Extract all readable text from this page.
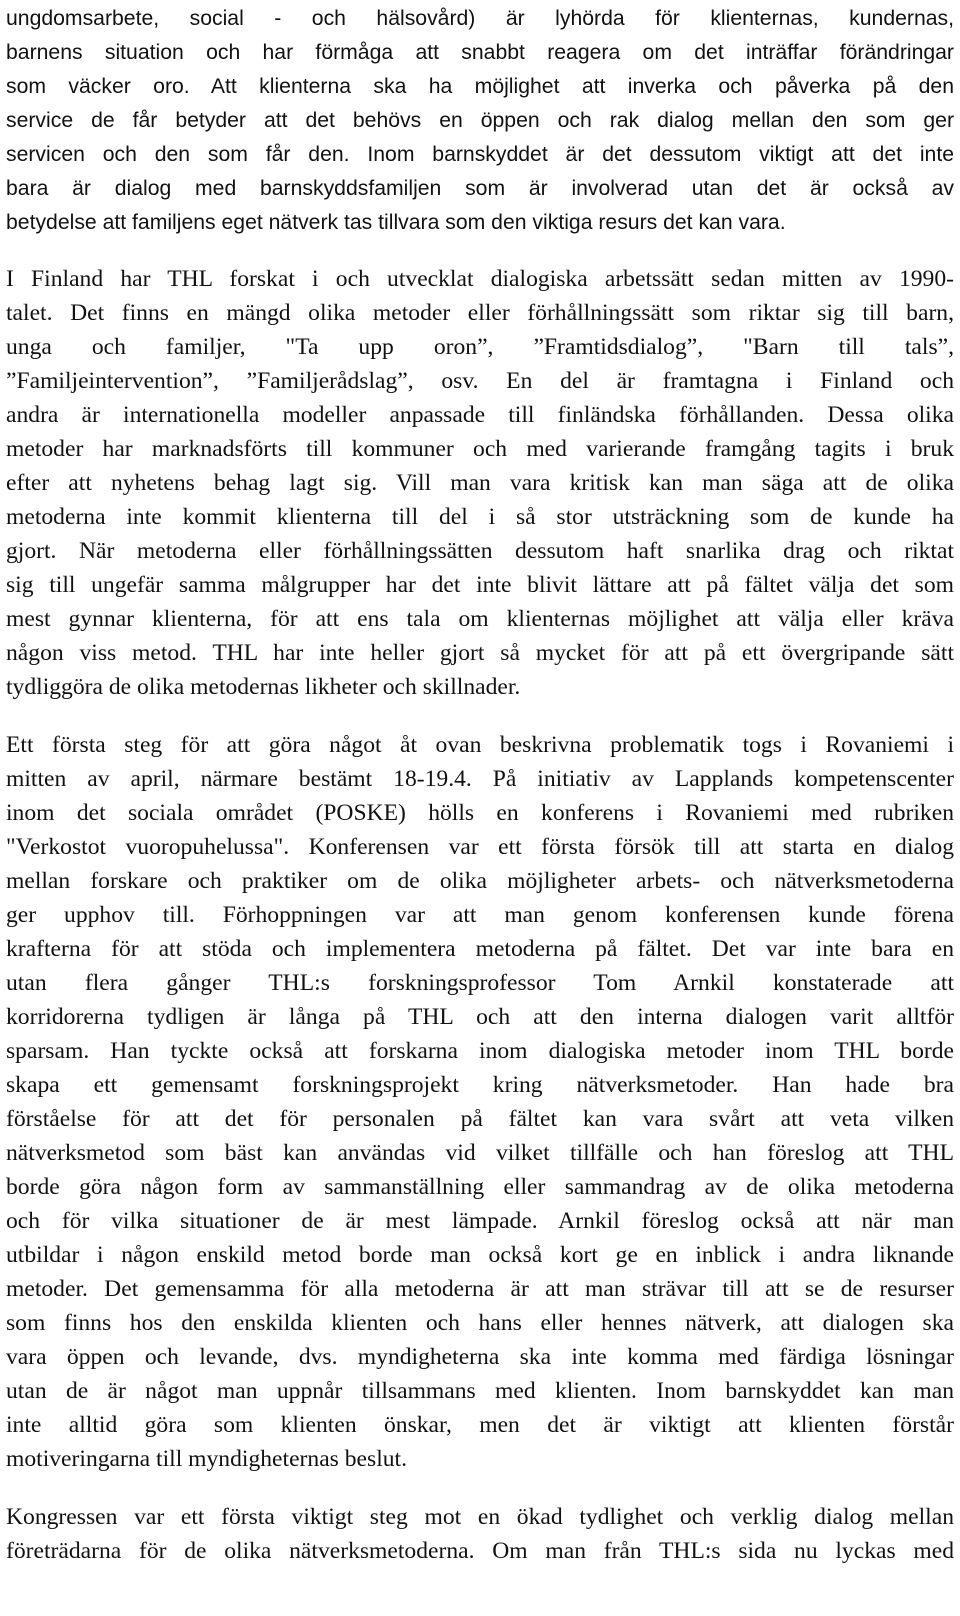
ungdomsarbete, social - och hälsovård) är lyhörda för klienternas, kundernas,
barnens situation och har förmåga att snabbt reagera om det inträffar förändringar
som väcker oro. Att klienterna ska ha möjlighet att inverka och påverka på den
service de får betyder att det behövs en öppen och rak dialog mellan den som ger
servicen och den som får den. Inom barnskyddet är det dessutom viktigt att det inte
bara är dialog med barnskyddsfamiljen som är involverad utan det är också av
betydelse att familjens eget nätverk tas tillvara som den viktiga resurs det kan vara.
I Finland har THL forskat i och utvecklat dialogiska arbetssätt sedan mitten av 1990-
talet. Det finns en mängd olika metoder eller förhållningssätt som riktar sig till barn,
unga och familjer, "Ta upp oron”, ”Framtidsdialog”, "Barn till tals”,
”Familjeintervention”, ”Familjerådslag”, osv. En del är framtagna i Finland och
andra är internationella modeller anpassade till finländska förhållanden. Dessa olika
metoder har marknadsförts till kommuner och med varierande framgång tagits i bruk
efter att nyhetens behag lagt sig. Vill man vara kritisk kan man säga att de olika
metoderna inte kommit klienterna till del i så stor utsträckning som de kunde ha
gjort. När metoderna eller förhållningssätten dessutom haft snarlika drag och riktat
sig till ungefär samma målgrupper har det inte blivit lättare att på fältet välja det som
mest gynnar klienterna, för att ens tala om klienternas möjlighet att välja eller kräva
någon viss metod. THL har inte heller gjort så mycket för att på ett övergripande sätt
tydliggöra de olika metodernas likheter och skillnader.
Ett första steg för att göra något åt ovan beskrivna problematik togs i Rovaniemi i
mitten av april, närmare bestämt 18-19.4. På initiativ av Lapplands kompetenscenter
inom det sociala området (POSKE) hölls en konferens i Rovaniemi med rubriken
"Verkostot vuoropuhelussa". Konferensen var ett första försök till att starta en dialog
mellan forskare och praktiker om de olika möjligheter arbets- och nätverksmetoderna
ger upphov till. Förhoppningen var att man genom konferensen kunde förena
krafterna för att stöda och implementera metoderna på fältet. Det var inte bara en
utan flera gånger THL:s forskningsprofessor Tom Arnkil konstaterade att
korridorerna tydligen är långa på THL och att den interna dialogen varit alltför
sparsam. Han tyckte också att forskarna inom dialogiska metoder inom THL borde
skapa ett gemensamt forskningsprojekt kring nätverksmetoder. Han hade bra
förståelse för att det för personalen på fältet kan vara svårt att veta vilken
nätverksmetod som bäst kan användas vid vilket tillfälle och han föreslog att THL
borde göra någon form av sammanställning eller sammandrag av de olika metoderna
och för vilka situationer de är mest lämpade. Arnkil föreslog också att när man
utbildar i någon enskild metod borde man också kort ge en inblick i andra liknande
metoder. Det gemensamma för alla metoderna är att man strävar till att se de resurser
som finns hos den enskilda klienten och hans eller hennes nätverk, att dialogen ska
vara öppen och levande, dvs. myndigheterna ska inte komma med färdiga lösningar
utan de är något man uppnår tillsammans med klienten. Inom barnskyddet kan man
inte alltid göra som klienten önskar, men det är viktigt att klienten förstår
motiveringarna till myndigheternas beslut.
Kongressen var ett första viktigt steg mot en ökad tydlighet och verklig dialog mellan
företrädarna för de olika nätverksmetoderna. Om man från THL:s sida nu lyckas med
